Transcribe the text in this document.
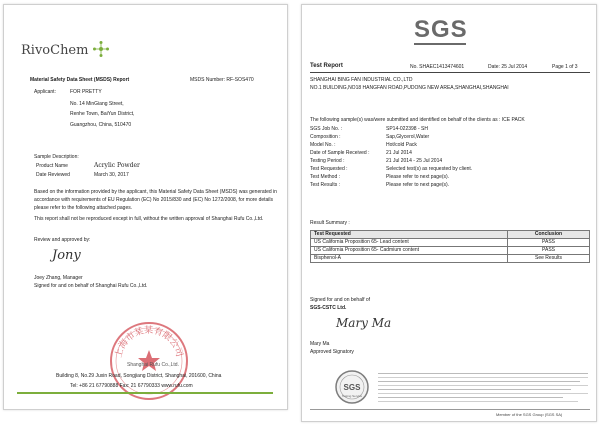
RivoChem
Material Safety Data Sheet (MSDS) Report	MSDS Number: RF-SOS470
Applicant:	FOR PRETTY
No. 14 MinGiang Street,
Renhe Town, BaiYun District,
Guangzhou, China, 510470
Sample Description:
Product Name	Acrylic Powder
Date Reviewed	March 30, 2017
Based on the information provided by the applicant, this Material Safety Data Sheet (MSDS) was generated in
accordance with requirements of EU Regulation (EC) No 2015/830 and (EC) No 1272/2008, for more details
please refer to the following attached pages.
This report shall not be reproduced except in full, without the written approval of Shanghai Rufu Co.,Ltd.
Review and approved by:
Jony
Joey Zhang, Manager
Signed for and on behalf of Shanghai Rufu Co.,Ltd.
上海市某某有限公司
Shanghai Rufu Co.,Ltd.
Building 8, No.29 Juxin Road, Songjiang District, Shanghai, 201600, China
Tel: +86 21 67790888 Fax: 21 67790333 www.rufu.com
SGS
Test Report	No. SHAEC1413474601	Date: 25 Jul 2014	Page 1 of 3
SHANGHAI BING FAN INDUSTRIAL CO.,LTD
NO.1 BUILDING,NO18 HANGFAN ROAD,PUDONG NEW AREA,SHANGHAI,SHANGHAI
The following sample(s) was/were submitted and identified on behalf of the clients as : ICE PACK
SGS Job No. :	SP14-022398 - SH
Composition :	Sap,Glycerol,Water
Model No. :	Hot/cold Pack
Date of Sample Received :	21 Jul 2014
Testing Period :	21 Jul 2014 - 25 Jul 2014
Test Requested :	Selected test(s) as requested by client.
Test Method :	Please refer to next page(s).
Test Results :	Please refer to next page(s).
Result Summary :
Test Requested	Conclusion
US California Proposition 65- Lead content	PASS
US California Proposition 65- Cadmium content	PASS
Bisphenol-A	See Results
Signed for and on behalf of
SGS-CSTC Ltd.
Mary Ma
Mary Ma
Approved Signatory
SGS
Testing Service
Member of the SGS Group (SGS SA)
